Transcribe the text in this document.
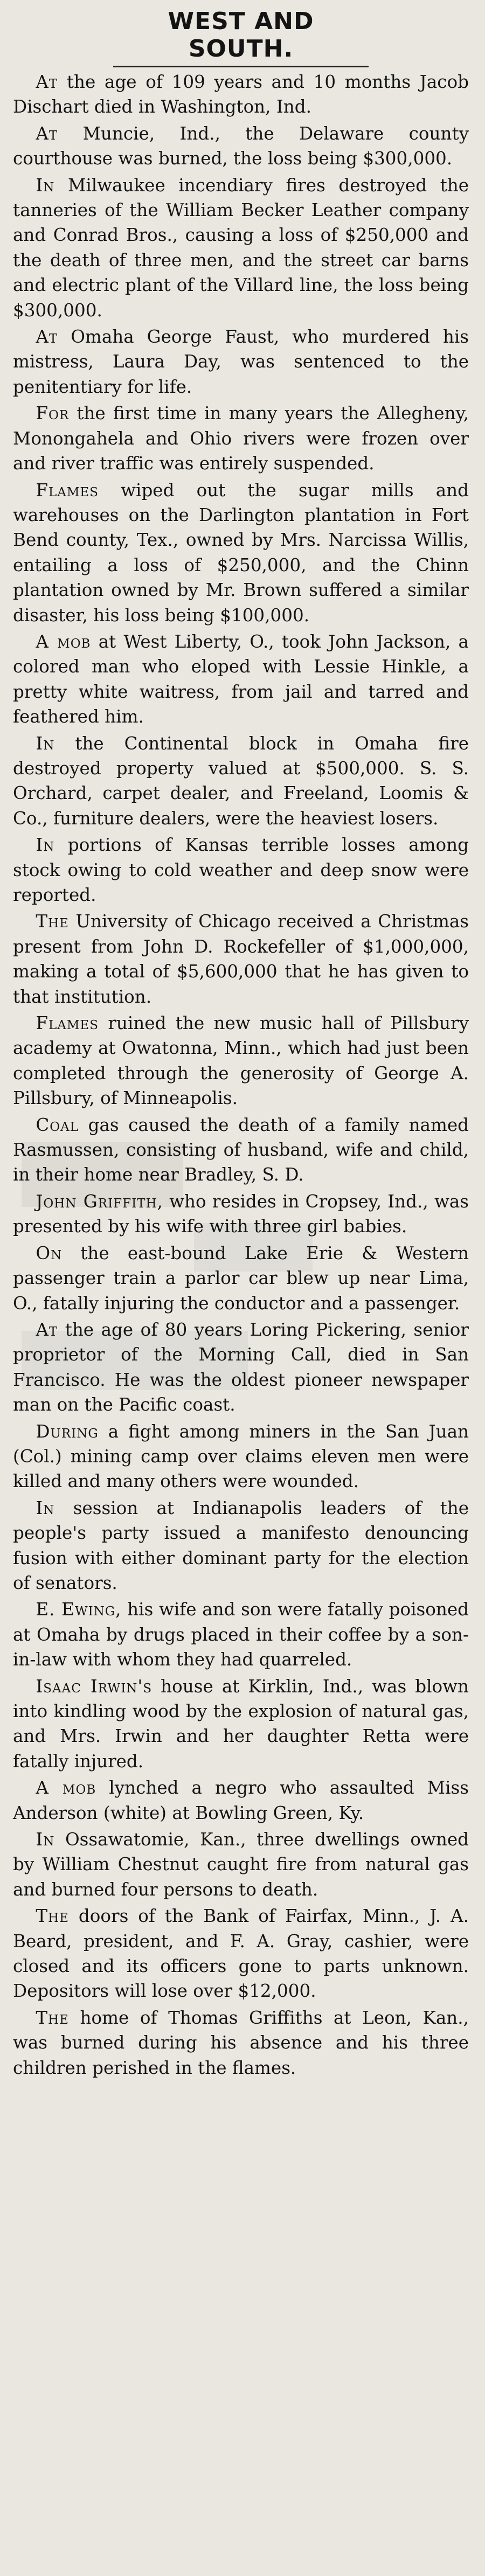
WEST AND SOUTH.

At the age of 109 years and 10 months Jacob Dischart died in Washington, Ind.

At Muncie, Ind., the Delaware county courthouse was burned, the loss being $300,000.

In Milwaukee incendiary fires destroyed the tanneries of the William Becker Leather company and Conrad Bros., causing a loss of $250,000 and the death of three men, and the street car barns and electric plant of the Villard line, the loss being $300,000.

At Omaha George Faust, who murdered his mistress, Laura Day, was sentenced to the penitentiary for life.

For the first time in many years the Allegheny, Monongahela and Ohio rivers were frozen over and river traffic was entirely suspended.

Flames wiped out the sugar mills and warehouses on the Darlington plantation in Fort Bend county, Tex., owned by Mrs. Narcissa Willis, entailing a loss of $250,000, and the Chinn plantation owned by Mr. Brown suffered a similar disaster, his loss being $100,000.

A mob at West Liberty, O., took John Jackson, a colored man who eloped with Lessie Hinkle, a pretty white waitress, from jail and tarred and feathered him.

In the Continental block in Omaha fire destroyed property valued at $500,000. S. S. Orchard, carpet dealer, and Freeland, Loomis & Co., furniture dealers, were the heaviest losers.

In portions of Kansas terrible losses among stock owing to cold weather and deep snow were reported.

The University of Chicago received a Christmas present from John D. Rockefeller of $1,000,000, making a total of $5,600,000 that he has given to that institution.

Flames ruined the new music hall of Pillsbury academy at Owatonna, Minn., which had just been completed through the generosity of George A. Pillsbury, of Minneapolis.

Coal gas caused the death of a family named Rasmussen, consisting of husband, wife and child, in their home near Bradley, S. D.

John Griffith, who resides in Cropsey, Ind., was presented by his wife with three girl babies.

On the east-bound Lake Erie & Western passenger train a parlor car blew up near Lima, O., fatally injuring the conductor and a passenger.

At the age of 80 years Loring Pickering, senior proprietor of the Morning Call, died in San Francisco. He was the oldest pioneer newspaper man on the Pacific coast.

During a fight among miners in the San Juan (Col.) mining camp over claims eleven men were killed and many others were wounded.

In session at Indianapolis leaders of the people's party issued a manifesto denouncing fusion with either dominant party for the election of senators.

E. Ewing, his wife and son were fatally poisoned at Omaha by drugs placed in their coffee by a son-in-law with whom they had quarreled.

Isaac Irwin's house at Kirklin, Ind., was blown into kindling wood by the explosion of natural gas, and Mrs. Irwin and her daughter Retta were fatally injured.

A mob lynched a negro who assaulted Miss Anderson (white) at Bowling Green, Ky.

In Ossawatomie, Kan., three dwellings owned by William Chestnut caught fire from natural gas and burned four persons to death.

The doors of the Bank of Fairfax, Minn., J. A. Beard, president, and F. A. Gray, cashier, were closed and its officers gone to parts unknown. Depositors will lose over $12,000.

The home of Thomas Griffiths at Leon, Kan., was burned during his absence and his three children perished in the flames.
